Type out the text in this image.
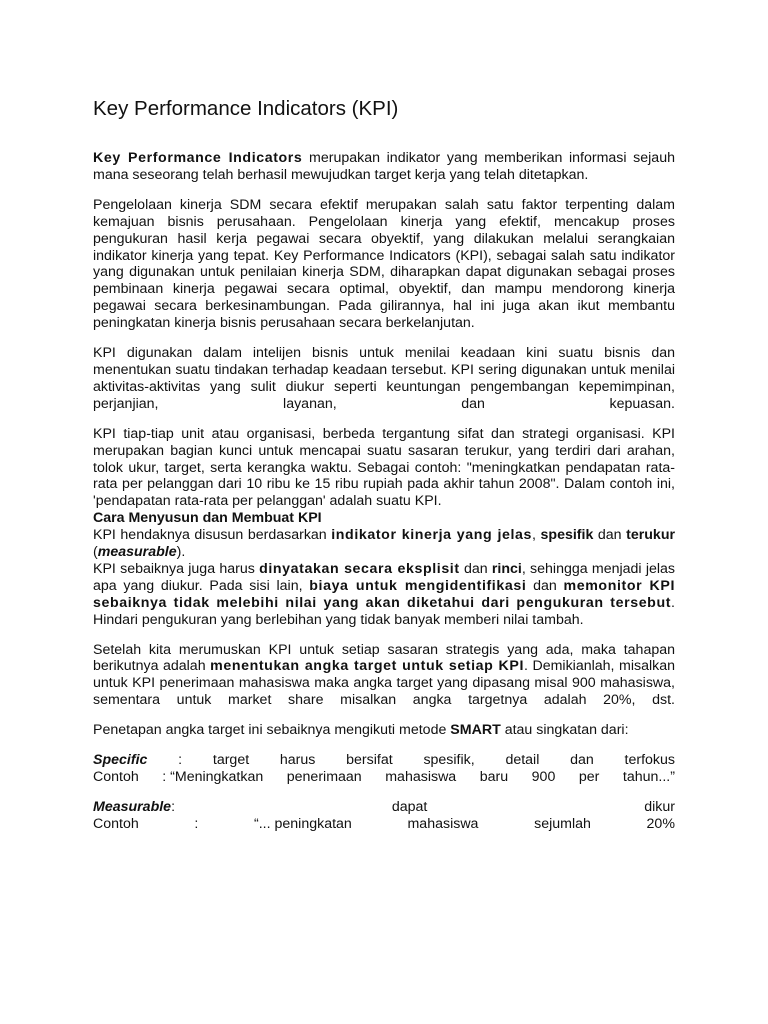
Key Performance Indicators (KPI)

Key Performance Indicators merupakan indikator yang memberikan informasi sejauh mana seseorang telah berhasil mewujudkan target kerja yang telah ditetapkan.

Pengelolaan kinerja SDM secara efektif merupakan salah satu faktor terpenting dalam kemajuan bisnis perusahaan. Pengelolaan kinerja yang efektif, mencakup proses pengukuran hasil kerja pegawai secara obyektif, yang dilakukan melalui serangkaian indikator kinerja yang tepat. Key Performance Indicators (KPI), sebagai salah satu indikator yang digunakan untuk penilaian kinerja SDM, diharapkan dapat digunakan sebagai proses pembinaan kinerja pegawai secara optimal, obyektif, dan mampu mendorong kinerja pegawai secara berkesinambungan. Pada gilirannya, hal ini juga akan ikut membantu peningkatan kinerja bisnis perusahaan secara berkelanjutan.

KPI digunakan dalam intelijen bisnis untuk menilai keadaan kini suatu bisnis dan menentukan suatu tindakan terhadap keadaan tersebut. KPI sering digunakan untuk menilai aktivitas-aktivitas yang sulit diukur seperti keuntungan pengembangan kepemimpinan, perjanjian, layanan, dan kepuasan.

KPI tiap-tiap unit atau organisasi, berbeda tergantung sifat dan strategi organisasi. KPI merupakan bagian kunci untuk mencapai suatu sasaran terukur, yang terdiri dari arahan, tolok ukur, target, serta kerangka waktu. Sebagai contoh: "meningkatkan pendapatan rata-rata per pelanggan dari 10 ribu ke 15 ribu rupiah pada akhir tahun 2008". Dalam contoh ini, 'pendapatan rata-rata per pelanggan' adalah suatu KPI.

Cara Menyusun dan Membuat KPI

KPI hendaknya disusun berdasarkan indikator kinerja yang jelas, spesifik dan terukur (measurable).

KPI sebaiknya juga harus dinyatakan secara eksplisit dan rinci, sehingga menjadi jelas apa yang diukur. Pada sisi lain, biaya untuk mengidentifikasi dan memonitor KPI sebaiknya tidak melebihi nilai yang akan diketahui dari pengukuran tersebut. Hindari pengukuran yang berlebihan yang tidak banyak memberi nilai tambah.

Setelah kita merumuskan KPI untuk setiap sasaran strategis yang ada, maka tahapan berikutnya adalah menentukan angka target untuk setiap KPI. Demikianlah, misalkan untuk KPI penerimaan mahasiswa maka angka target yang dipasang misal 900 mahasiswa, sementara untuk market share misalkan angka targetnya adalah 20%, dst.

Penetapan angka target ini sebaiknya mengikuti metode SMART atau singkatan dari:

Specific : target harus bersifat spesifik, detail dan terfokus
Contoh : “Meningkatkan penerimaan mahasiswa baru 900 per tahun...”
Measurable:	dapat	dikur
Contoh	:	“... peningkatan	mahasiswa	sejumlah	20%
